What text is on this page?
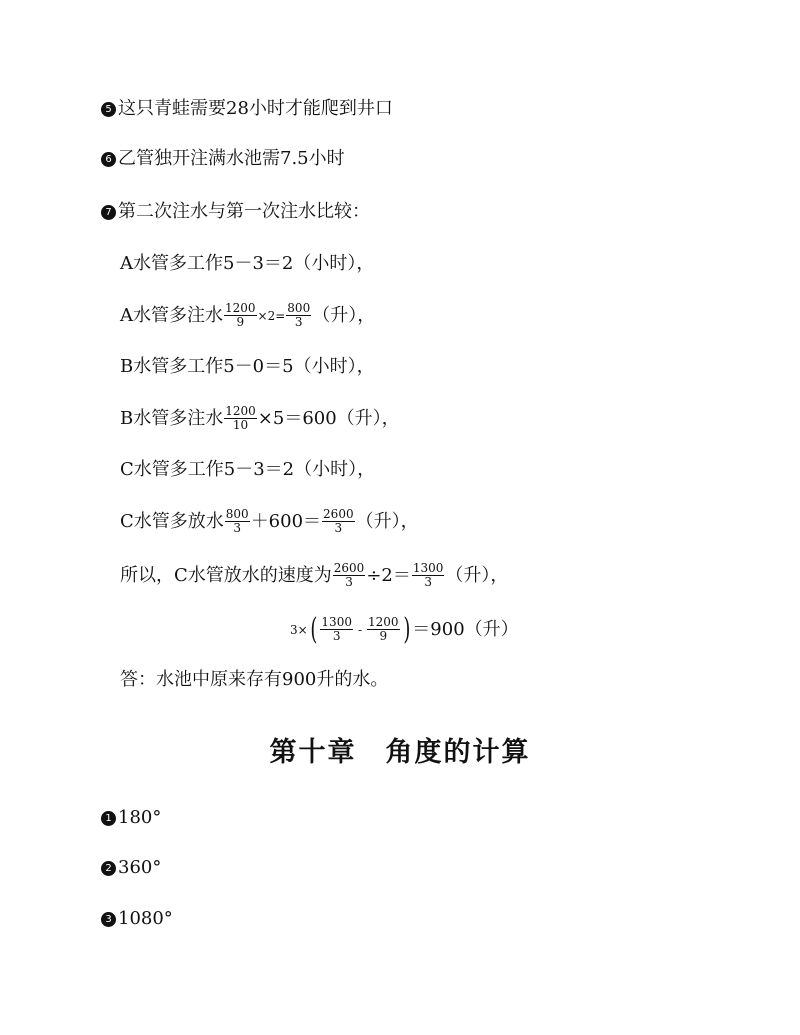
5 这只青蛙需要28小时才能爬到井口
6 乙管独开注满水池需7.5小时
7 第二次注水与第一次注水比较：
A水管多工作5－3＝2（小时），
A水管多注水 $\frac{1200}{9} \times 2= \frac{800}{3}$ （升），
B水管多工作5－0＝5（小时），
B水管多注水 $\frac{1200}{10} \times 5=600$（升），
C水管多工作5－3＝2（小时），
C水管多放水 $\frac{800}{3} +600= \frac{2600}{3}$ （升），
所以，C水管放水的速度为 $\frac{2600}{3} \div 2= \frac{1300}{3}$ （升），
3× ( $\frac{1300}{3} - \frac{1200}{9}$ ) ＝900（升）
答：水池中原来存有900升的水。
第十章　角度的计算
1 180°
2 360°
3 1080°
